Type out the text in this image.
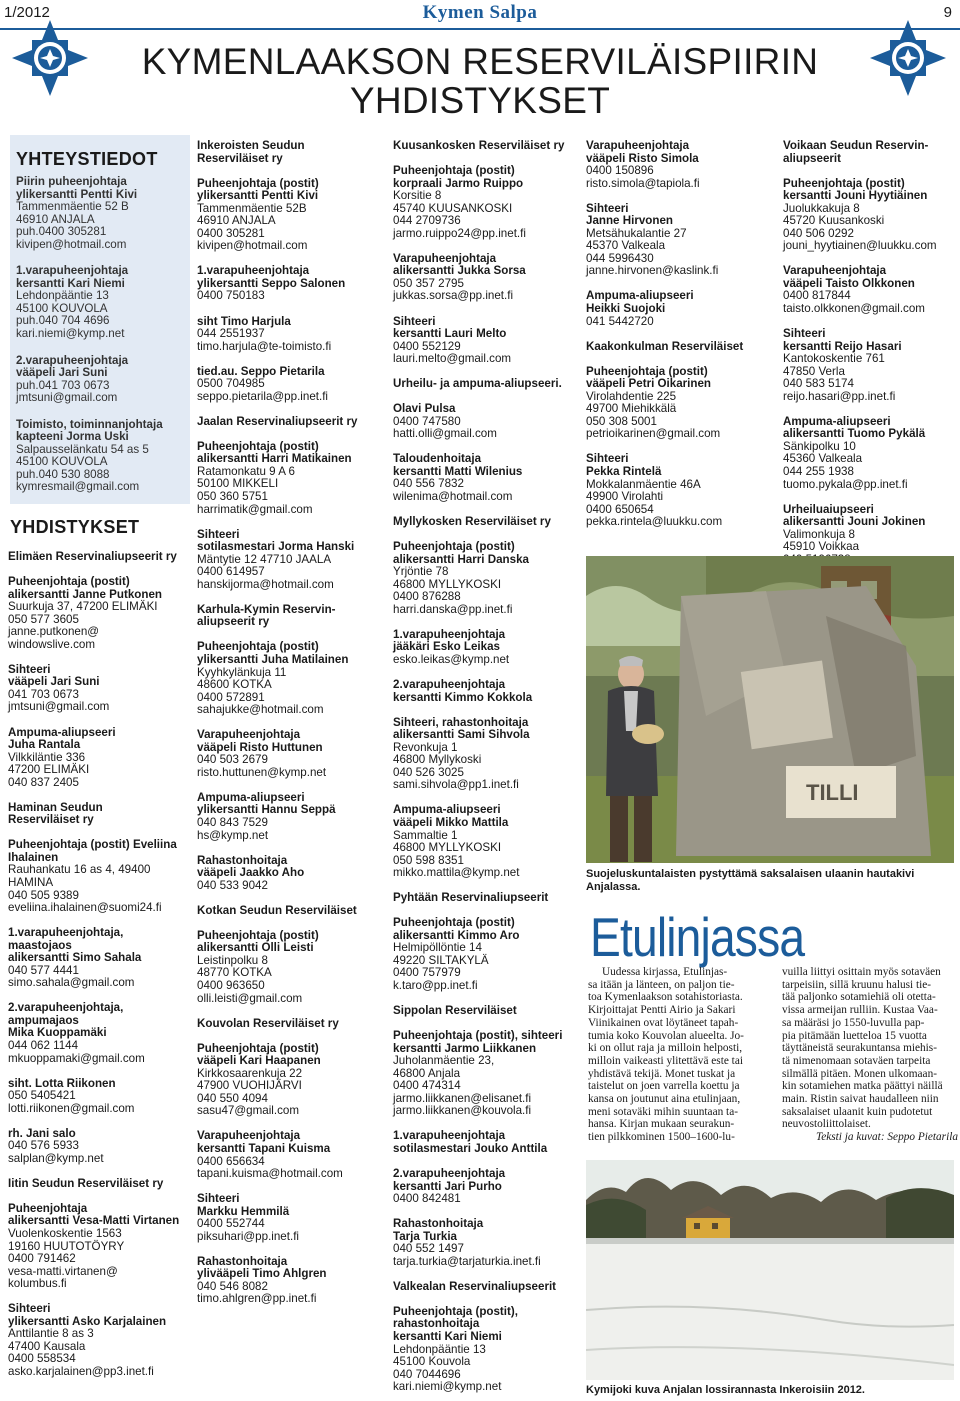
1/2012	Kymen Salpa	9
KYMENLAAKSON RESERVILÄISPIIRIN
YHDISTYKSET
YHTEYSTIEDOT
Piirin puheenjohtaja
ylikersantti Pentti Kivi
Tammenmäentie 52 B
46910 ANJALA
puh.0400 305281
kivipen@hotmail.com
1.varapuheenjohtaja
kersantti Kari Niemi
Lehdonpääntie 13
45100 KOUVOLA
puh.040 704 4696
kari.niemi@kymp.net
2.varapuheenjohtaja
vääpeli Jari Suni
puh.041 703 0673
jmtsuni@gmail.com
Toimisto, toiminnanjohtaja
kapteeni Jorma Uski
Salpausselänkatu 54 as 5
45100 KOUVOLA
puh.040 530 8088
kymresmail@gmail.com
YHDISTYKSET
Elimäen Reservinaliupseerit ry
Puheenjohtaja (postit)
alikersantti Janne Putkonen
Suurkuja 37, 47200 ELIMÄKI
050 577 3605
janne.putkonen@
windowslive.com
Sihteeri
vääpeli Jari Suni
041 703 0673
jmtsuni@gmail.com
Ampuma-aliupseeri
Juha Rantala
Vilkkiläntie 336
47200 ELIMÄKI
040 837 2405
Haminan Seudun
Reserviläiset ry
Puheenjohtaja (postit) Eveliina
Ihalainen
Rauhankatu 16 as 4, 49400
HAMINA
040 505 9389
eveliina.ihalainen@suomi24.fi
1.varapuheenjohtaja,
maastojaos
alikersantti Simo Sahala
040 577 4441
simo.sahala@gmail.com
2.varapuheenjohtaja,
ampumajaos
Mika Kuoppamäki
044 062 1144
mkuoppamaki@gmail.com
siht. Lotta Riikonen
050 5405421
lotti.riikonen@gmail.com
rh. Jani salo
040 576 5933
salplan@kymp.net
Iitin Seudun Reserviläiset ry
Puheenjohtaja
alikersantti Vesa-Matti Virtanen
Vuolenkoskentie 1563
19160 HUUTOTÖYRY
0400 791462
vesa-matti.virtanen@
kolumbus.fi
Sihteeri
ylikersantti Asko Karjalainen
Anttilantie 8 as 3
47400 Kausala
0400 558534
asko.karjalainen@pp3.inet.fi
Inkeroisten Seudun
Reserviläiset ry
Puheenjohtaja (postit)
ylikersantti Pentti Kivi
Tammenmäentie 52B
46910 ANJALA
0400 305281
kivipen@hotmail.com
1.varapuheenjohtaja
ylikersantti Seppo Salonen
0400 750183
siht Timo Harjula
044 2551937
timo.harjula@te-toimisto.fi
tied.au. Seppo Pietarila
0500 704985
seppo.pietarila@pp.inet.fi
Jaalan Reservinaliupseerit ry
Puheenjohtaja (postit)
alikersantti Harri Matikainen
Ratamonkatu 9 A 6
50100 MIKKELI
050 360 5751
harrimatik@gmail.com
Sihteeri
sotilasmestari Jorma Hanski
Mäntytie 12 47710 JAALA
0400 614957
hanskijorma@hotmail.com
Karhula-Kymin Reservin-
aliupseerit ry
Puheenjohtaja (postit)
ylikersantti Juha Matilainen
Kyyhkylänkuja 11
48600 KOTKA
0400 572891
sahajukke@hotmail.com
Varapuheenjohtaja
vääpeli Risto Huttunen
040 503 2679
risto.huttunen@kymp.net
Ampuma-aliupseeri
ylikersantti Hannu Seppä
040 843 7529
hs@kymp.net
Rahastonhoitaja
vääpeli Jaakko Aho
040 533 9042
Kotkan Seudun Reserviläiset
Puheenjohtaja (postit)
alikersantti Olli Leisti
Leistinpolku 8
48770 KOTKA
0400 963650
olli.leisti@gmail.com
Kouvolan Reserviläiset ry
Puheenjohtaja (postit)
vääpeli Kari Haapanen
Kirkkosaarenkuja 22
47900 VUOHIJÄRVI
040 550 4094
sasu47@gmail.com
Varapuheenjohtaja
kersantti Tapani Kuisma
0400 656634
tapani.kuisma@hotmail.com
Sihteeri
Markku Hemmilä
0400 552744
piksuhari@pp.inet.fi
Rahastonhoitaja
ylivääpeli Timo Ahlgren
040 546 8082
timo.ahlgren@pp.inet.fi
Kuusankosken Reserviläiset ry
Puheenjohtaja (postit)
korpraali Jarmo Ruippo
Korsitie 8
45740 KUUSANKOSKI
044 2709736
jarmo.ruippo24@pp.inet.fi
Varapuheenjohtaja
alikersantti Jukka Sorsa
050 357 2795
jukkas.sorsa@pp.inet.fi
Sihteeri
kersantti Lauri Melto
0400 552129
lauri.melto@gmail.com
Urheilu- ja ampuma-aliupseeri.
Olavi Pulsa
0400 747580
hatti.olli@gmail.com
Taloudenhoitaja
kersantti Matti Wilenius
040 556 7832
wilenima@hotmail.com
Myllykosken Reserviläiset ry
Puheenjohtaja (postit)
alikersantti Harri Danska
Yrjöntie 78
46800 MYLLYKOSKI
0400 876288
harri.danska@pp.inet.fi
1.varapuheenjohtaja
jääkäri Esko Leikas
esko.leikas@kymp.net
2.varapuheenjohtaja
kersantti Kimmo Kokkola
Sihteeri, rahastonhoitaja
alikersantti Sami Sihvola
Revonkuja 1
46800 Myllykoski
040 526 3025
sami.sihvola@pp1.inet.fi
Ampuma-aliupseeri
vääpeli Mikko Mattila
Sammaltie 1
46800 MYLLYKOSKI
050 598 8351
mikko.mattila@kymp.net
Pyhtään Reservinaliupseerit
Puheenjohtaja (postit)
alikersantti Kimmo Aro
Helmipöllöntie 14
49220 SILTAKYLÄ
0400 757979
k.taro@pp.inet.fi
Sippolan Reserviläiset
Puheenjohtaja (postit), sihteeri
kersantti Jarmo Liikkanen
Juholanmäentie 23,
46800 Anjala
0400 474314
jarmo.liikkanen@elisanet.fi
jarmo.liikkanen@kouvola.fi
1.varapuheenjohtaja
sotilasmestari Jouko Anttila
2.varapuheenjohtaja
kersantti Jari Purho
0400 842481
Rahastonhoitaja
Tarja Turkia
040 552 1497
tarja.turkia@tarjaturkia.inet.fi
Valkealan Reservinaliupseerit
Puheenjohtaja (postit),
rahastonhoitaja
kersantti Kari Niemi
Lehdonpääntie 13
45100 Kouvola
040 7044696
kari.niemi@kymp.net
Varapuheenjohtaja
vääpeli Risto Simola
0400 150896
risto.simola@tapiola.fi
Sihteeri
Janne Hirvonen
Metsähukalantie 27
45370 Valkeala
044 5996430
janne.hirvonen@kaslink.fi
Ampuma-aliupseeri
Heikki Suojoki
041 5442720
Kaakonkulman Reserviläiset
Puheenjohtaja (postit)
vääpeli Petri Oikarinen
Virolahdentie 225
49700 Miehikkälä
050 308 5001
petrioikarinen@gmail.com
Sihteeri
Pekka Rintelä
Mokkalanmäentie 46A
49900 Virolahti
0400 650654
pekka.rintela@luukku.com
Voikaan Seudun Reservin-
aliupseerit
Puheenjohtaja (postit)
kersantti Jouni Hyytiäinen
Juolukkakuja 8
45720 Kuusankoski
040 506 0292
jouni_hyytiainen@luukku.com
Varapuheenjohtaja
vääpeli Taisto Olkkonen
0400 817844
taisto.olkkonen@gmail.com
Sihteeri
kersantti Reijo Hasari
Kantokoskentie 761
47850 Verla
040 583 5174
reijo.hasari@pp.inet.fi
Ampuma-aliupseeri
alikersantti Tuomo Pykälä
Sänkipolku 10
45360 Valkeala
044 255 1938
tuomo.pykala@pp.inet.fi
Urheiluaiupseeri
alikersantti Jouni Jokinen
Valimonkuja 8
45910 Voikkaa
TILLI
Suojeluskuntalaisten pystyttämä saksalaisen ulaanin hautakivi Anjalassa.
Etulinjassa
Uudessa kirjassa, Etulinjas-
sa itään ja länteen, on paljon tie-
toa Kymenlaakson sotahistoriasta.
Kirjoittajat Pentti Airio ja Sakari
Viinikainen ovat löytäneet tapah-
tumia koko Kouvolan alueelta. Jo-
ki on ollut raja ja milloin helposti,
milloin vaikeasti ylitettävä este tai
yhdistävä tekijä. Monet tuskat ja
taistelut on joen varrella koettu ja
kansa on joutunut aina etulinjaan,
meni sotaväki mihin suuntaan ta-
hansa. Kirjan mukaan seurakun-
tien pilkkominen 1500–1600-lu-
vuilla liittyi osittain myös sotaväen
tarpeisiin, sillä kruunu halusi tie-
tää paljonko sotamiehiä oli otetta-
vissa armeijan rulliin. Kustaa Vaa-
sa määräsi jo 1550-luvulla pap-
pia pitämään luetteloa 15 vuotta
täyttäneistä seurakuntansa miehis-
tä nimenomaan sotaväen tarpeita
silmällä pitäen. Monen ulkomaan-
kin sotamiehen matka päättyi näillä
main. Ristin saivat haudalleen niin
saksalaiset ulaanit kuin pudotetut
neuvostoliittolaiset.
Teksti ja kuvat: Seppo Pietarila
Kymijoki kuva Anjalan lossirannasta Inkeroisiin 2012.
